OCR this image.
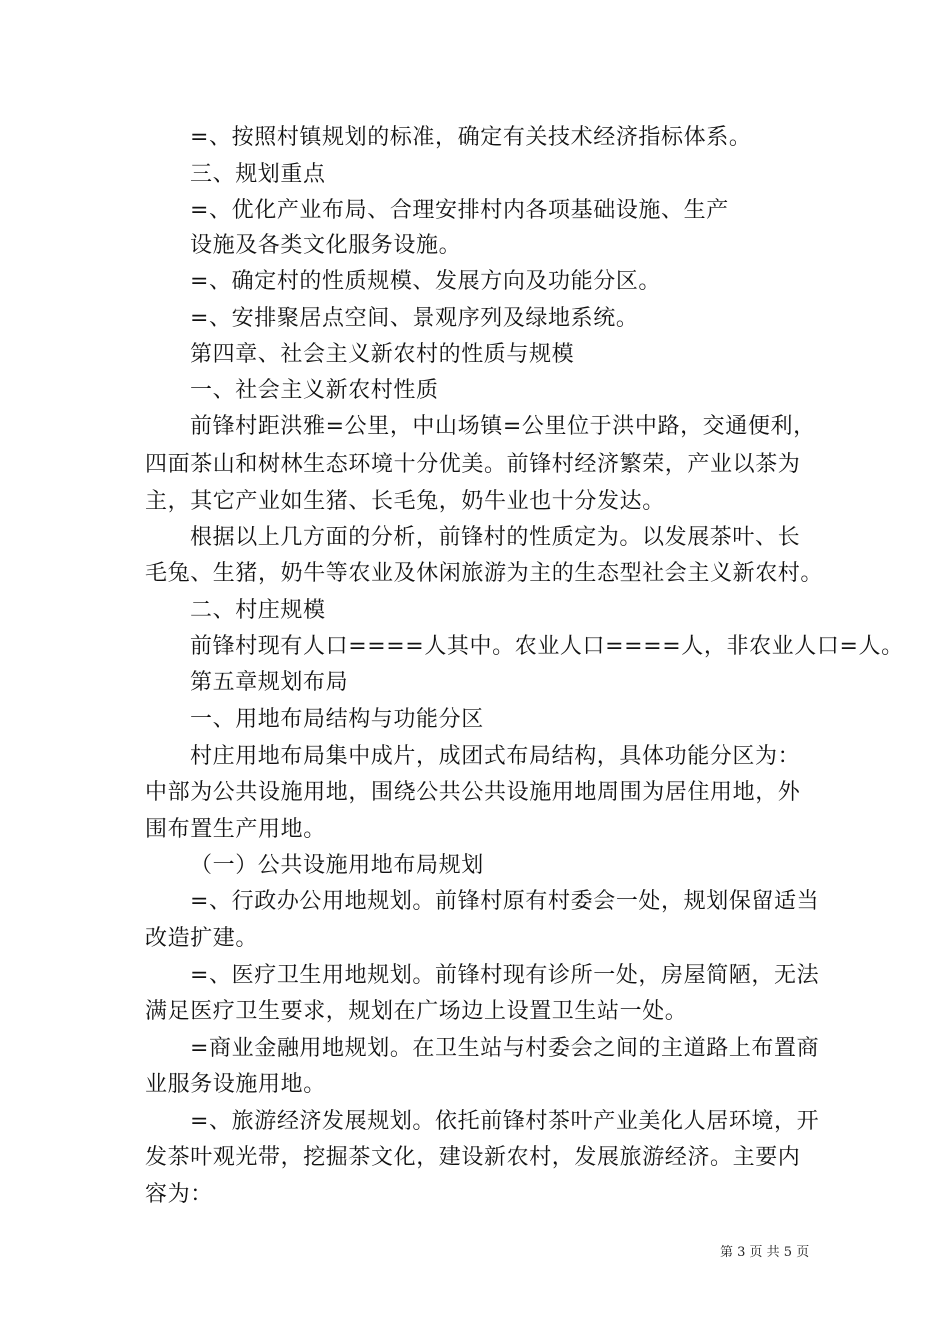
=、按照村镇规划的标准，确定有关技术经济指标体系。
三、规划重点
=、优化产业布局、合理安排村内各项基础设施、生产
设施及各类文化服务设施。
=、确定村的性质规模、发展方向及功能分区。
=、安排聚居点空间、景观序列及绿地系统。
第四章、社会主义新农村的性质与规模
一、社会主义新农村性质
前锋村距洪雅=公里，中山场镇=公里位于洪中路，交通便利，
四面茶山和树林生态环境十分优美。前锋村经济繁荣，产业以茶为
主，其它产业如生猪、长毛兔，奶牛业也十分发达。
根据以上几方面的分析，前锋村的性质定为。以发展茶叶、长
毛兔、生猪，奶牛等农业及休闲旅游为主的生态型社会主义新农村。
二、村庄规模
前锋村现有人口====人其中。农业人口====人，非农业人口=人。
第五章规划布局
一、用地布局结构与功能分区
村庄用地布局集中成片，成团式布局结构，具体功能分区为：
中部为公共设施用地，围绕公共公共设施用地周围为居住用地，外
围布置生产用地。
（一）公共设施用地布局规划
=、行政办公用地规划。前锋村原有村委会一处，规划保留适当
改造扩建。
=、医疗卫生用地规划。前锋村现有诊所一处，房屋简陋，无法
满足医疗卫生要求，规划在广场边上设置卫生站一处。
=商业金融用地规划。在卫生站与村委会之间的主道路上布置商
业服务设施用地。
=、旅游经济发展规划。依托前锋村茶叶产业美化人居环境，开
发茶叶观光带，挖掘茶文化，建设新农村，发展旅游经济。主要内
容为：
第 3 页 共 5 页
